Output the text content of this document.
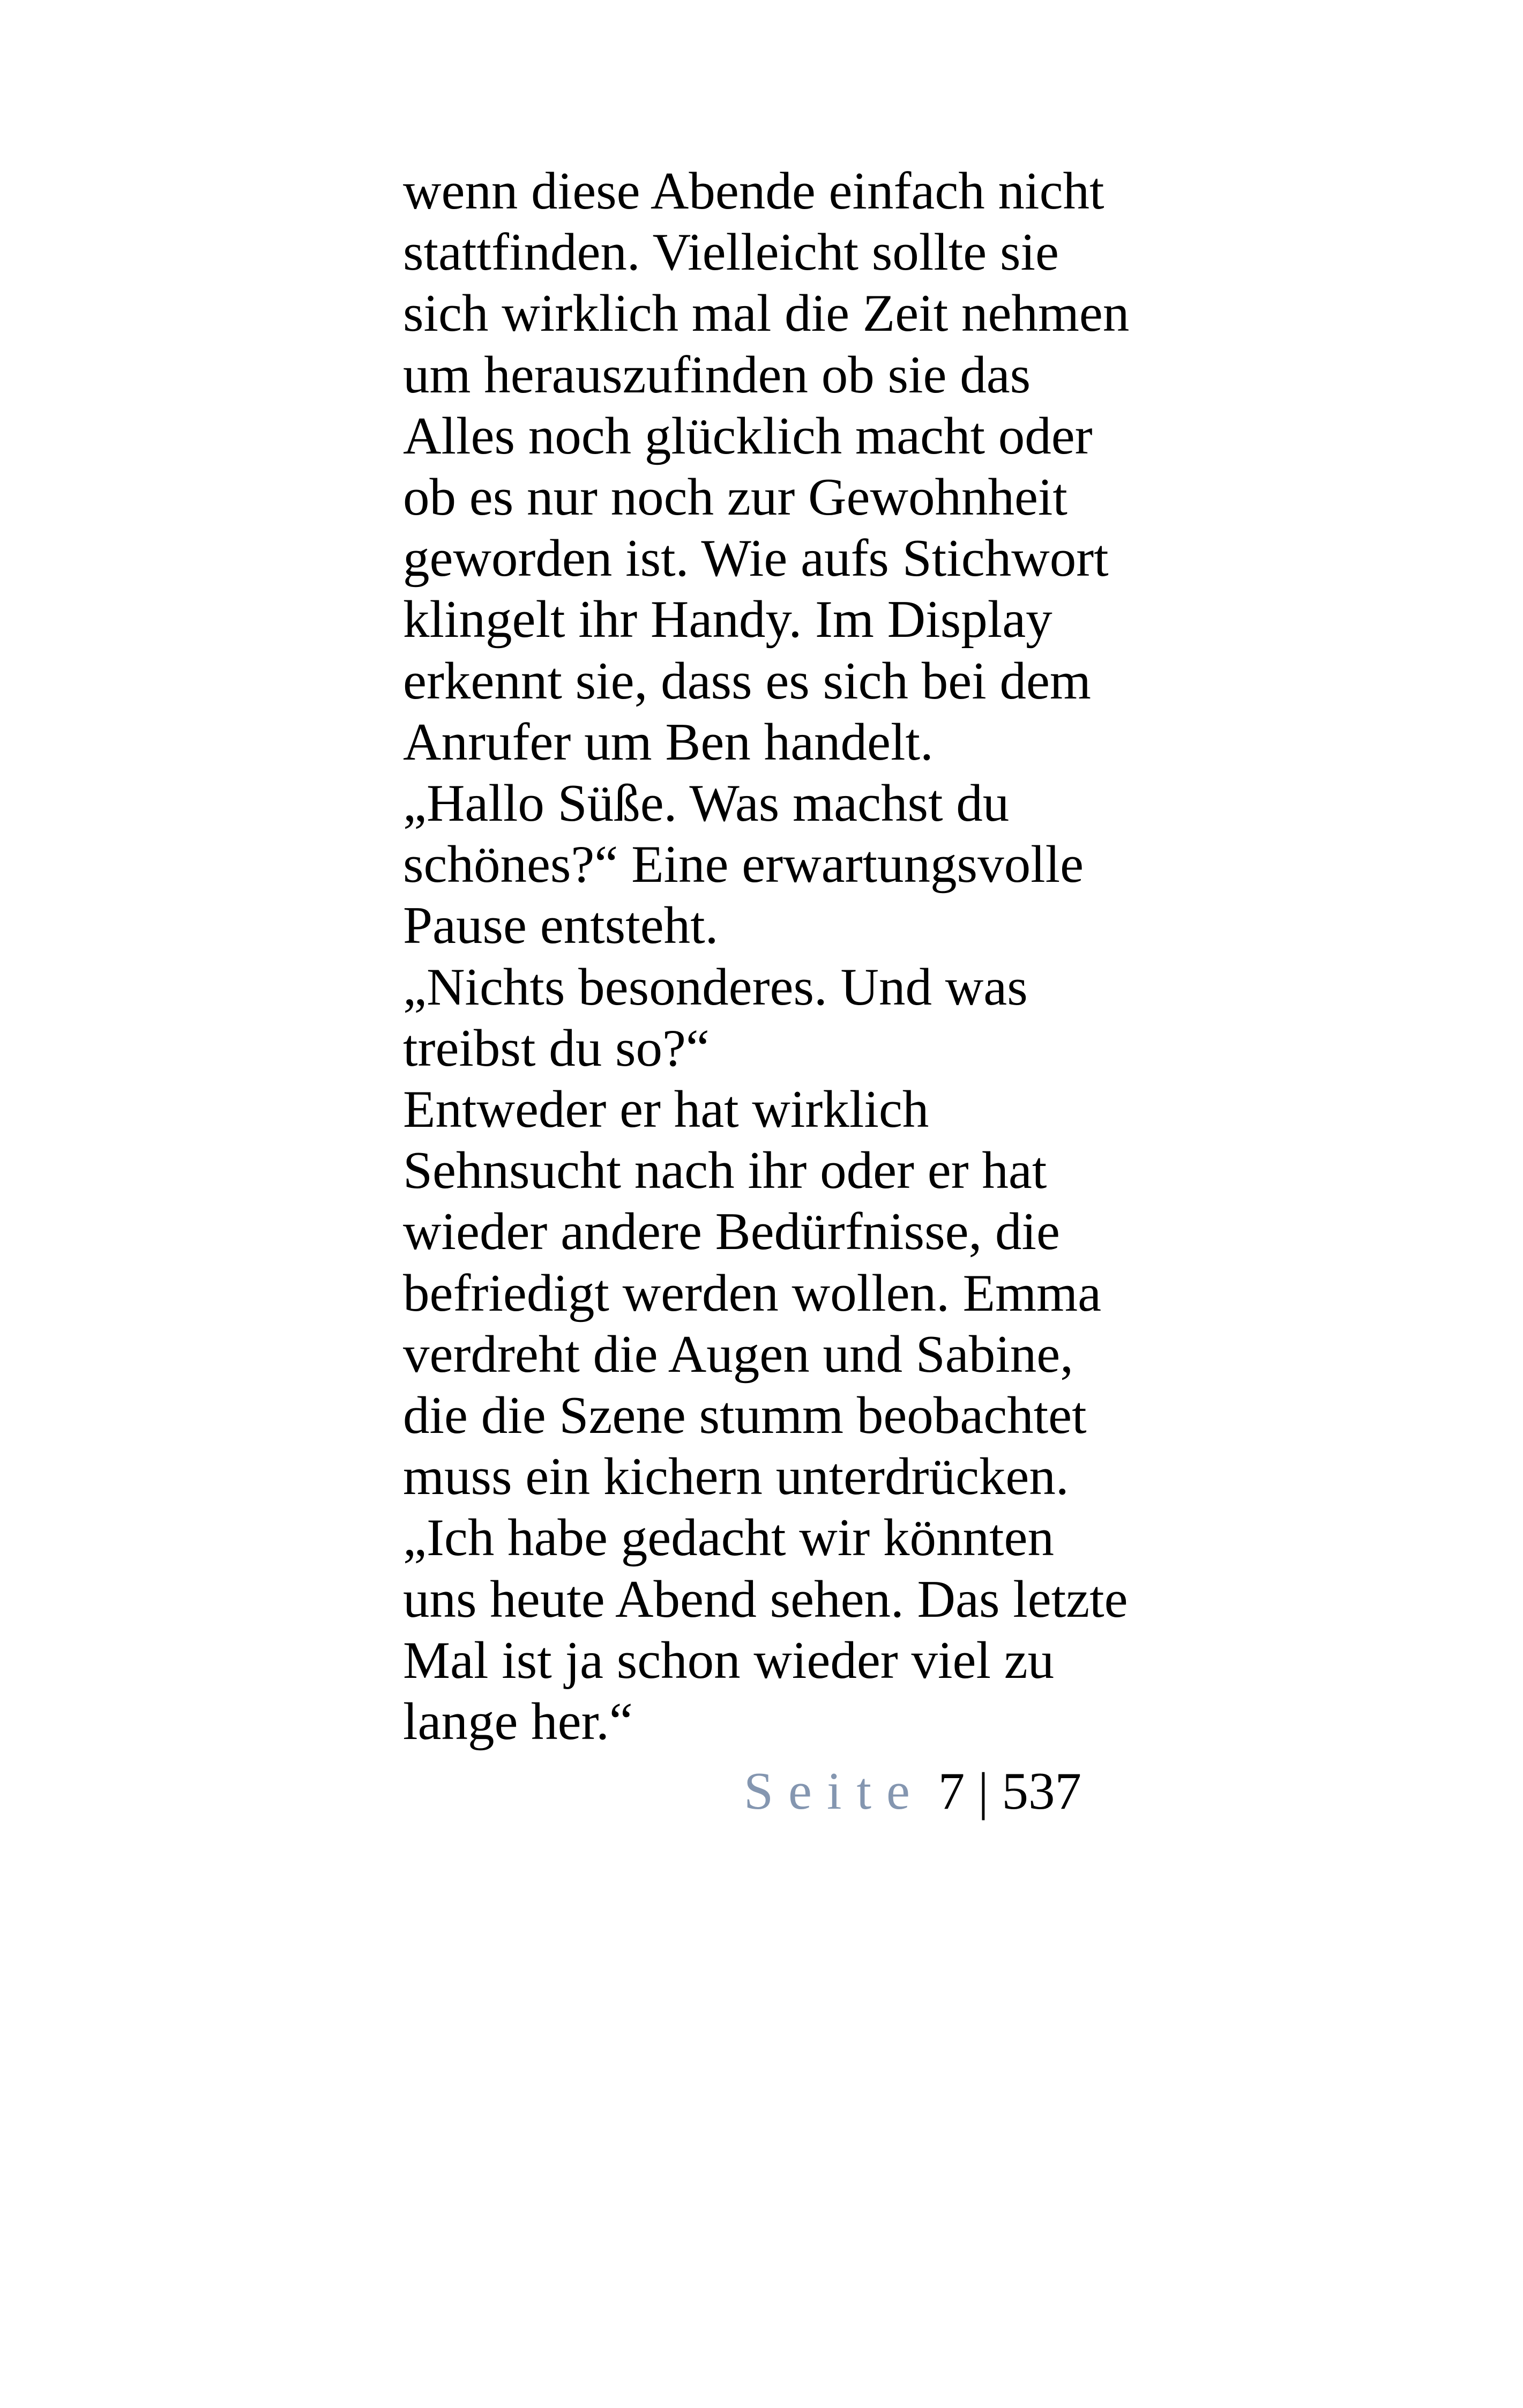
wenn diese Abende einfach nicht
stattfinden. Vielleicht sollte sie
sich wirklich mal die Zeit nehmen
um herauszufinden ob sie das
Alles noch glücklich macht oder
ob es nur noch zur Gewohnheit
geworden ist. Wie aufs Stichwort
klingelt ihr Handy. Im Display
erkennt sie, dass es sich bei dem
Anrufer um Ben handelt.
„Hallo Süße. Was machst du
schönes?“ Eine erwartungsvolle
Pause entsteht.
„Nichts besonderes. Und was
treibst du so?“
Entweder er hat wirklich
Sehnsucht nach ihr oder er hat
wieder andere Bedürfnisse, die
befriedigt werden wollen. Emma
verdreht die Augen und Sabine,
die die Szene stumm beobachtet
muss ein kichern unterdrücken.
„Ich habe gedacht wir könnten
uns heute Abend sehen. Das letzte
Mal ist ja schon wieder viel zu
lange her.“
Seite 7 | 537
